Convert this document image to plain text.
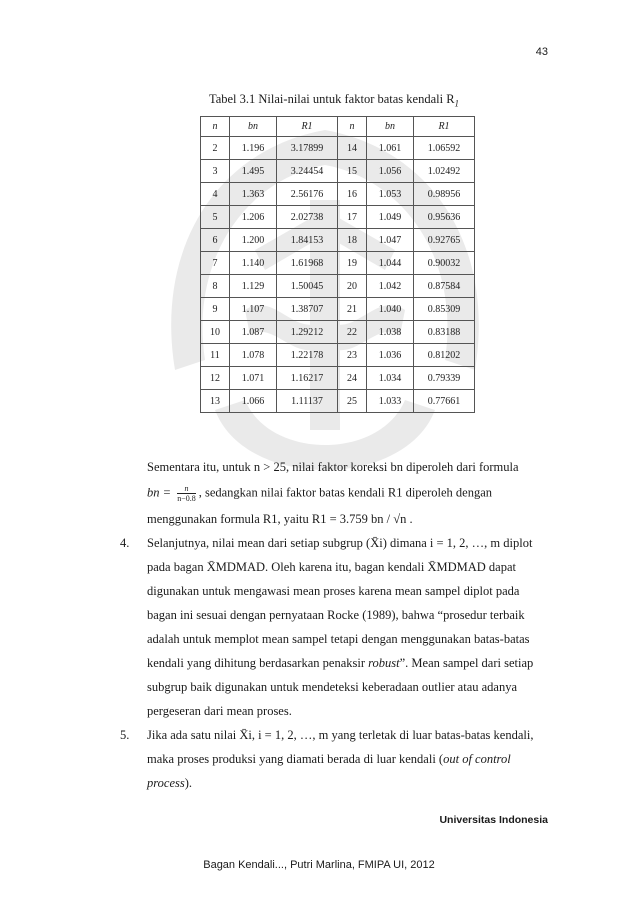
43
Tabel 3.1 Nilai-nilai untuk faktor batas kendali $R_1$
n	bn	R1	n	bn	R1
2	1.196	3.17899	14	1.061	1.06592
3	1.495	3.24454	15	1.056	1.02492
4	1.363	2.56176	16	1.053	0.98956
5	1.206	2.02738	17	1.049	0.95636
6	1.200	1.84153	18	1.047	0.92765
7	1.140	1.61968	19	1.044	0.90032
8	1.129	1.50045	20	1.042	0.87584
9	1.107	1.38707	21	1.040	0.85309
10	1.087	1.29212	22	1.038	0.83188
11	1.078	1.22178	23	1.036	0.81202
12	1.071	1.16217	24	1.034	0.79339
13	1.066	1.11137	25	1.033	0.77661
Sementara itu, untuk n > 25, nilai faktor koreksi bn diperoleh dari formula
bn = $\frac{n}{n-0.8}$ , sedangkan nilai faktor batas kendali R1 diperoleh dengan
menggunakan formula R1, yaitu R1 = 3.759 bn / √n .
4. Selanjutnya, nilai mean dari setiap subgrup (X̄i) dimana i = 1, 2, …, m diplot
pada bagan X̄MDMAD. Oleh karena itu, bagan kendali X̄MDMAD dapat
digunakan untuk mengawasi mean proses karena mean sampel diplot pada
bagan ini sesuai dengan pernyataan Rocke (1989), bahwa “prosedur terbaik
adalah untuk memplot mean sampel tetapi dengan menggunakan batas-batas
kendali yang dihitung berdasarkan penaksir robust”. Mean sampel dari setiap
subgrup baik digunakan untuk mendeteksi keberadaan outlier atau adanya
pergeseran dari mean proses.
5. Jika ada satu nilai X̄i, i = 1, 2, …, m yang terletak di luar batas-batas kendali,
maka proses produksi yang diamati berada di luar kendali (out of control
process).
Universitas Indonesia
Bagan Kendali..., Putri Marlina, FMIPA UI, 2012
